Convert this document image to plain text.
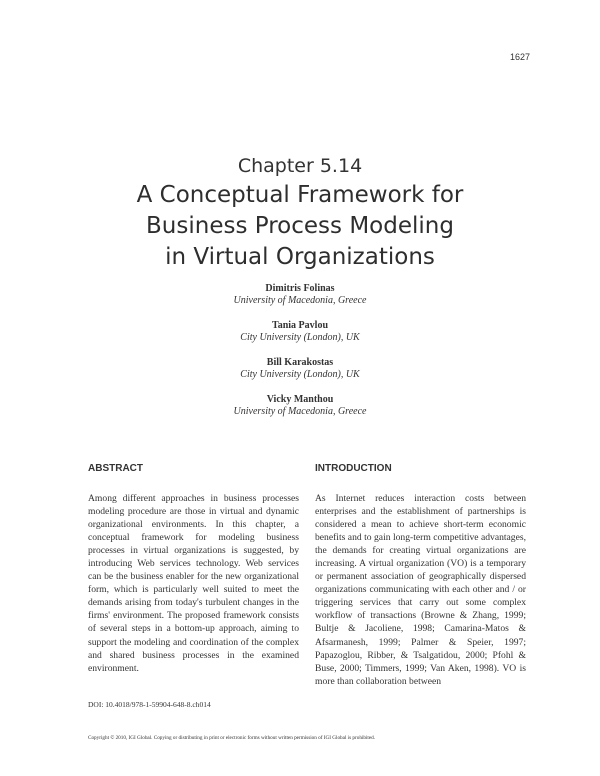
1627
Chapter 5.14
A Conceptual Framework for
Business Process Modeling
in Virtual Organizations
Dimitris Folinas
University of Macedonia, Greece
Tania Pavlou
City University (London), UK
Bill Karakostas
City University (London), UK
Vicky Manthou
University of Macedonia, Greece
ABSTRACT	INTRODUCTION
Among different approaches in business processes modeling procedure are those in virtual and dynamic organizational environments. In this chapter, a conceptual framework for modeling business processes in virtual organizations is suggested, by introducing Web services technology. Web services can be the business enabler for the new organizational form, which is particularly well suited to meet the demands arising from today's turbulent changes in the firms' environment. The proposed framework consists of several steps in a bottom-up approach, aiming to support the modeling and coordination of the complex and shared business processes in the examined environment.
As Internet reduces interaction costs between enterprises and the establishment of partnerships is considered a mean to achieve short-term economic benefits and to gain long-term competitive advantages, the demands for creating virtual organizations are increasing. A virtual organization (VO) is a temporary or permanent association of geographically dispersed organizations communicating with each other and / or triggering services that carry out some complex workflow of transactions (Browne & Zhang, 1999; Bultje & Jacoliene, 1998; Camarina-Matos & Afsarmanesh, 1999; Palmer & Speier, 1997; Papazoglou, Ribber, & Tsalgatidou, 2000; Pfohl & Buse, 2000; Timmers, 1999; Van Aken, 1998). VO is more than collaboration between
DOI: 10.4018/978-1-59904-648-8.ch014
Copyright © 2010, IGI Global. Copying or distributing in print or electronic forms without written permission of IGI Global is prohibited.
